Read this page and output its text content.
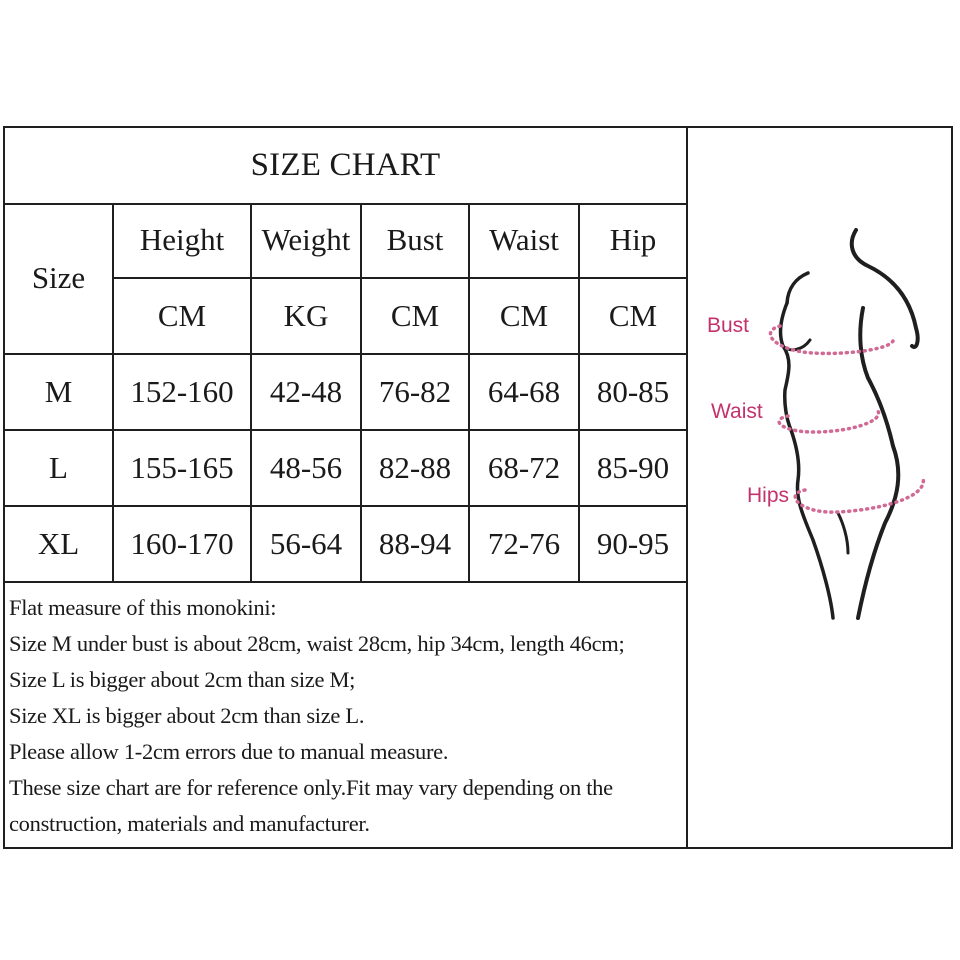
SIZE CHART
Size	Height	Weight	Bust	Waist	Hip
	CM	KG	CM	CM	CM
M	152-160	42-48	76-82	64-68	80-85
L	155-165	48-56	82-88	68-72	85-90
XL	160-170	56-64	88-94	72-76	90-95
Flat measure of this monokini:
Size M under bust is about 28cm, waist 28cm, hip 34cm, length 46cm;
Size L is bigger about 2cm than size M;
Size XL is bigger about 2cm than size L.
Please allow 1-2cm errors due to manual measure.
These size chart are for reference only.Fit may vary depending on the
construction, materials and manufacturer.
Bust
Waist
Hips
